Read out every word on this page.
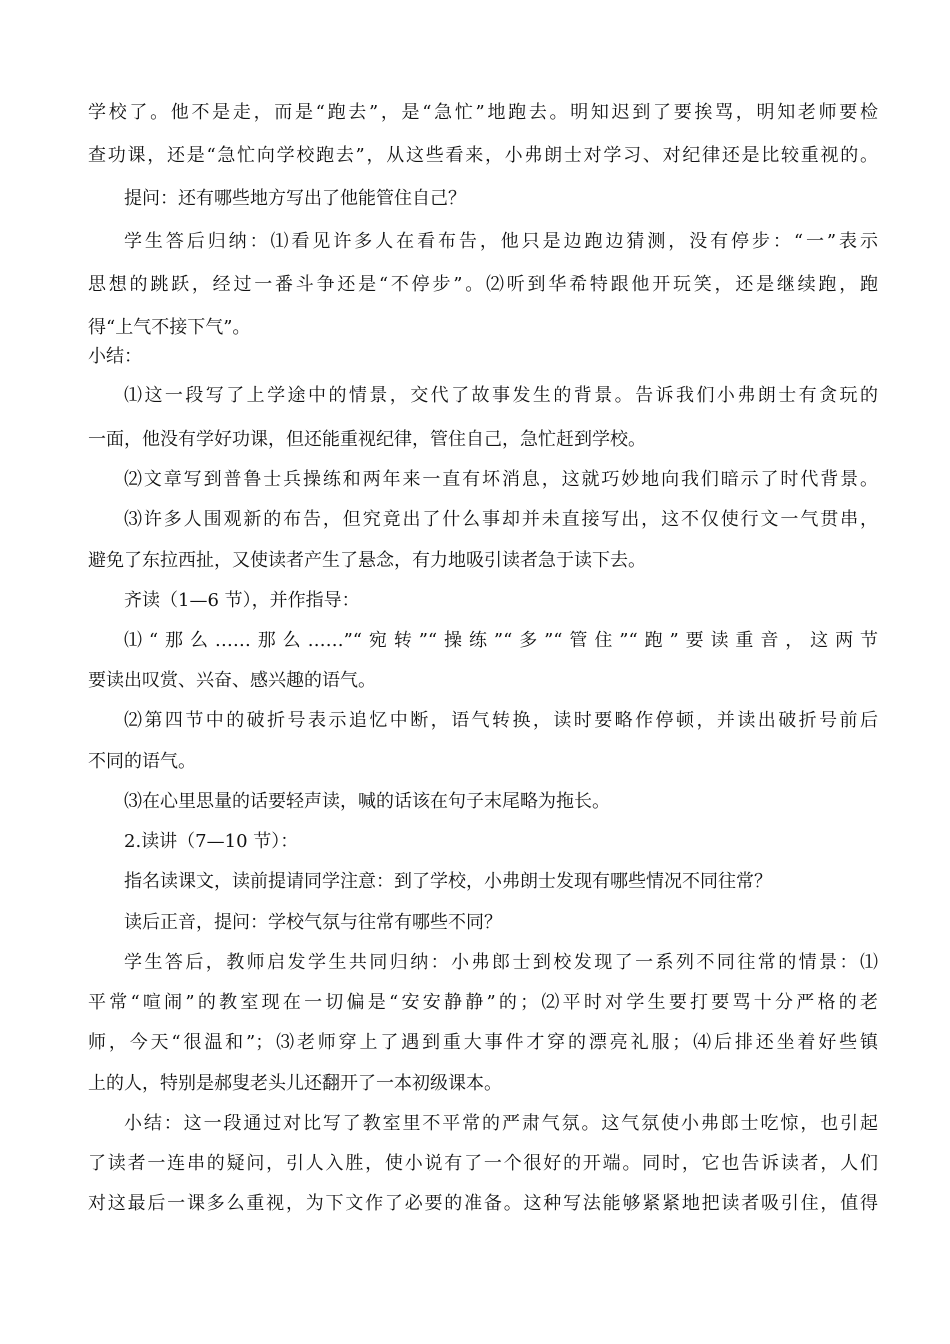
学校了。他不是走，而是“跑去”，是“急忙”地跑去。明知迟到了要挨骂，明知老师要检

查功课，还是“急忙向学校跑去”，从这些看来，小弗朗士对学习、对纪律还是比较重视的。

提问：还有哪些地方写出了他能管住自己？

学生答后归纳：⑴看见许多人在看布告，他只是边跑边猜测，没有停步：“一”表示

思想的跳跃，经过一番斗争还是“不停步”。⑵听到华希特跟他开玩笑，还是继续跑，跑

得“上气不接下气”。

小结：

⑴这一段写了上学途中的情景，交代了故事发生的背景。告诉我们小弗朗士有贪玩的

一面，他没有学好功课，但还能重视纪律，管住自己，急忙赶到学校。

⑵文章写到普鲁士兵操练和两年来一直有坏消息，这就巧妙地向我们暗示了时代背景。

⑶许多人围观新的布告，但究竟出了什么事却并未直接写出，这不仅使行文一气贯串，

避免了东拉西扯，又使读者产生了悬念，有力地吸引读者急于读下去。

齐读（1—6 节），并作指导：

⑴“那么……那么……”“宛转”“操练”“多”“管住”“跑”要读重音，这两节

要读出叹赏、兴奋、感兴趣的语气。

⑵第四节中的破折号表示追忆中断，语气转换，读时要略作停顿，并读出破折号前后

不同的语气。

⑶在心里思量的话要轻声读，喊的话该在句子末尾略为拖长。

2.读讲（7—10 节）：

指名读课文，读前提请同学注意：到了学校，小弗朗士发现有哪些情况不同往常？

读后正音，提问：学校气氛与往常有哪些不同？

学生答后，教师启发学生共同归纳：小弗郎士到校发现了一系列不同往常的情景：⑴

平常“喧闹”的教室现在一切偏是“安安静静”的；⑵平时对学生要打要骂十分严格的老

师，今天“很温和”；⑶老师穿上了遇到重大事件才穿的漂亮礼服；⑷后排还坐着好些镇

上的人，特别是郝叟老头儿还翻开了一本初级课本。

小结：这一段通过对比写了教室里不平常的严肃气氛。这气氛使小弗郎士吃惊，也引起

了读者一连串的疑问，引人入胜，使小说有了一个很好的开端。同时，它也告诉读者，人们

对这最后一课多么重视，为下文作了必要的准备。这种写法能够紧紧地把读者吸引住，值得
